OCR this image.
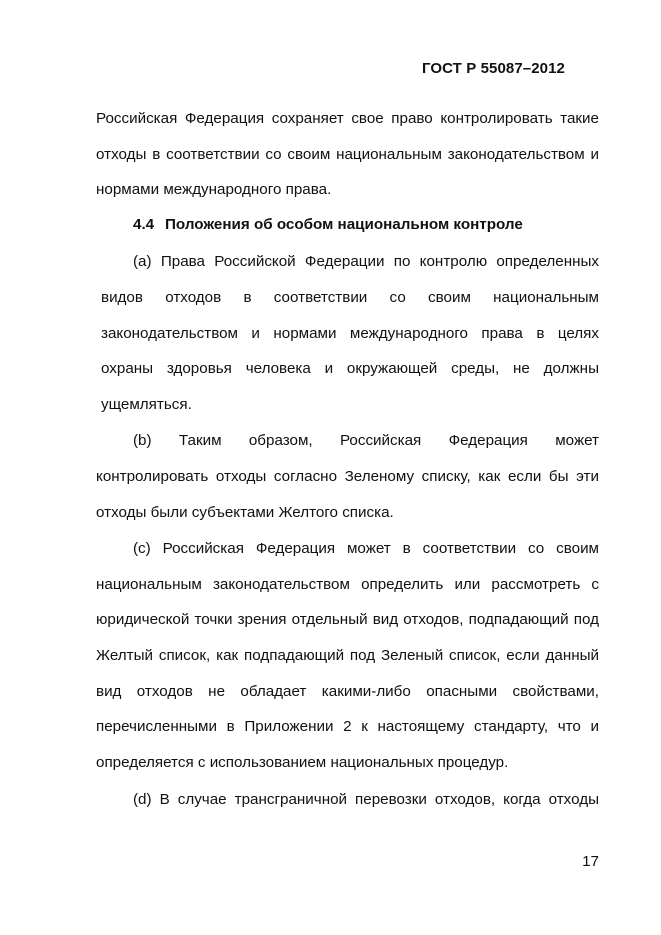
ГОСТ Р 55087–2012
Российская Федерация сохраняет свое право контролировать такие
отходы в соответствии со своим национальным законодательством и
нормами международного права.
4.4 Положения об особом национальном контроле
(a) Права Российской Федерации по контролю определенных
видов отходов в соответствии со своим национальным
законодательством и нормами международного права в целях
охраны здоровья человека и окружающей среды, не должны
ущемляться.
(b) Таким образом, Российская Федерация может
контролировать отходы согласно Зеленому списку, как если бы эти
отходы были субъектами Желтого списка.
(c) Российская Федерация может в соответствии со своим
национальным законодательством определить или рассмотреть с
юридической точки зрения отдельный вид отходов, подпадающий под
Желтый список, как подпадающий под Зеленый список, если данный
вид отходов не обладает какими-либо опасными свойствами,
перечисленными в Приложении 2 к настоящему стандарту, что и
определяется с использованием национальных процедур.
(d) В случае трансграничной перевозки отходов, когда отходы
17
